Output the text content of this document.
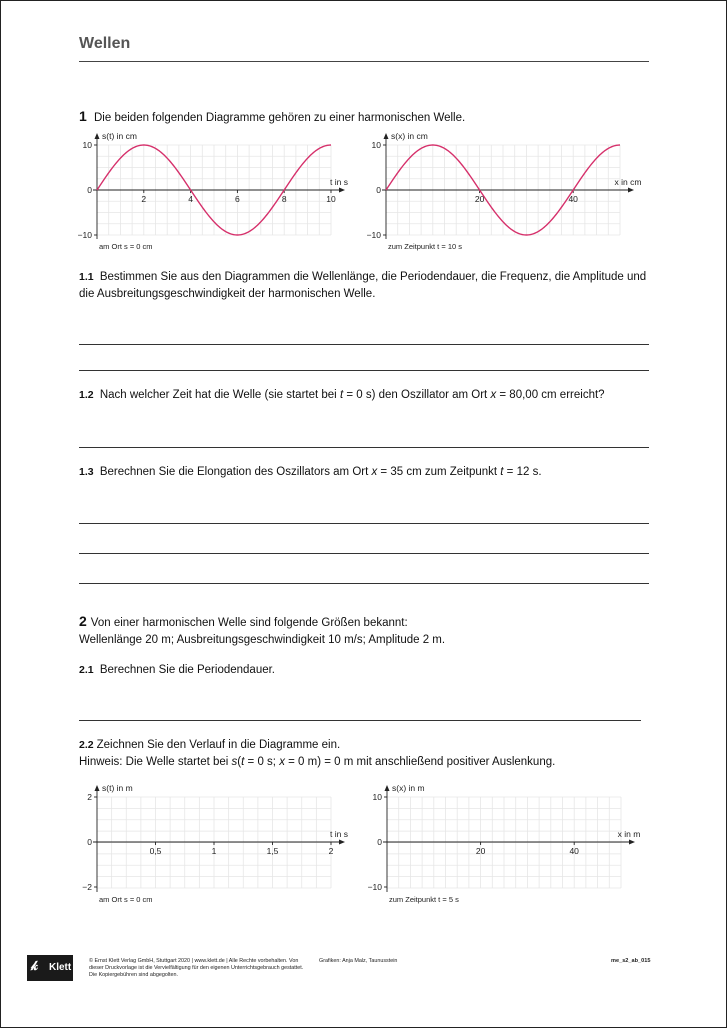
Wellen
1 Die beiden folgenden Diagramme gehören zu einer harmonischen Welle.
s(t) in cm
t in s
10
0
−10
2	4	6	8	10
am Ort s = 0 cm
s(x) in cm
x in cm
10
0
−10
20	40
zum Zeitpunkt t = 10 s
1.1 Bestimmen Sie aus den Diagrammen die Wellenlänge, die Periodendauer, die Frequenz, die Amplitude und die Ausbreitungsgeschwindigkeit der harmonischen Welle.
1.2 Nach welcher Zeit hat die Welle (sie startet bei t = 0 s) den Oszillator am Ort x = 80,00 cm erreicht?
1.3 Berechnen Sie die Elongation des Oszillators am Ort x = 35 cm zum Zeitpunkt t = 12 s.
2 Von einer harmonischen Welle sind folgende Größen bekannt:
Wellenlänge 20 m; Ausbreitungsgeschwindigkeit 10 m/s; Amplitude 2 m.
2.1 Berechnen Sie die Periodendauer.
2.2 Zeichnen Sie den Verlauf in die Diagramme ein.
Hinweis: Die Welle startet bei s(t = 0 s; x = 0 m) = 0 m mit anschließend positiver Auslenkung.
s(t) in m
t in s
2
0
−2
0,5	1	1,5	2
am Ort s = 0 cm
s(x) in m
x in m
10
0
−10
20	40
zum Zeitpunkt t = 5 s
𝓀 Klett
© Ernst Klett Verlag GmbH, Stuttgart 2020 | www.klett.de | Alle Rechte vorbehalten. Von dieser Druckvorlage ist die Vervielfältigung für den eigenen Unterrichtsgebrauch gestattet. Die Kopiergebühren sind abgegolten.
Grafiken: Anja Malz, Taunusstein	me_s2_ab_015
